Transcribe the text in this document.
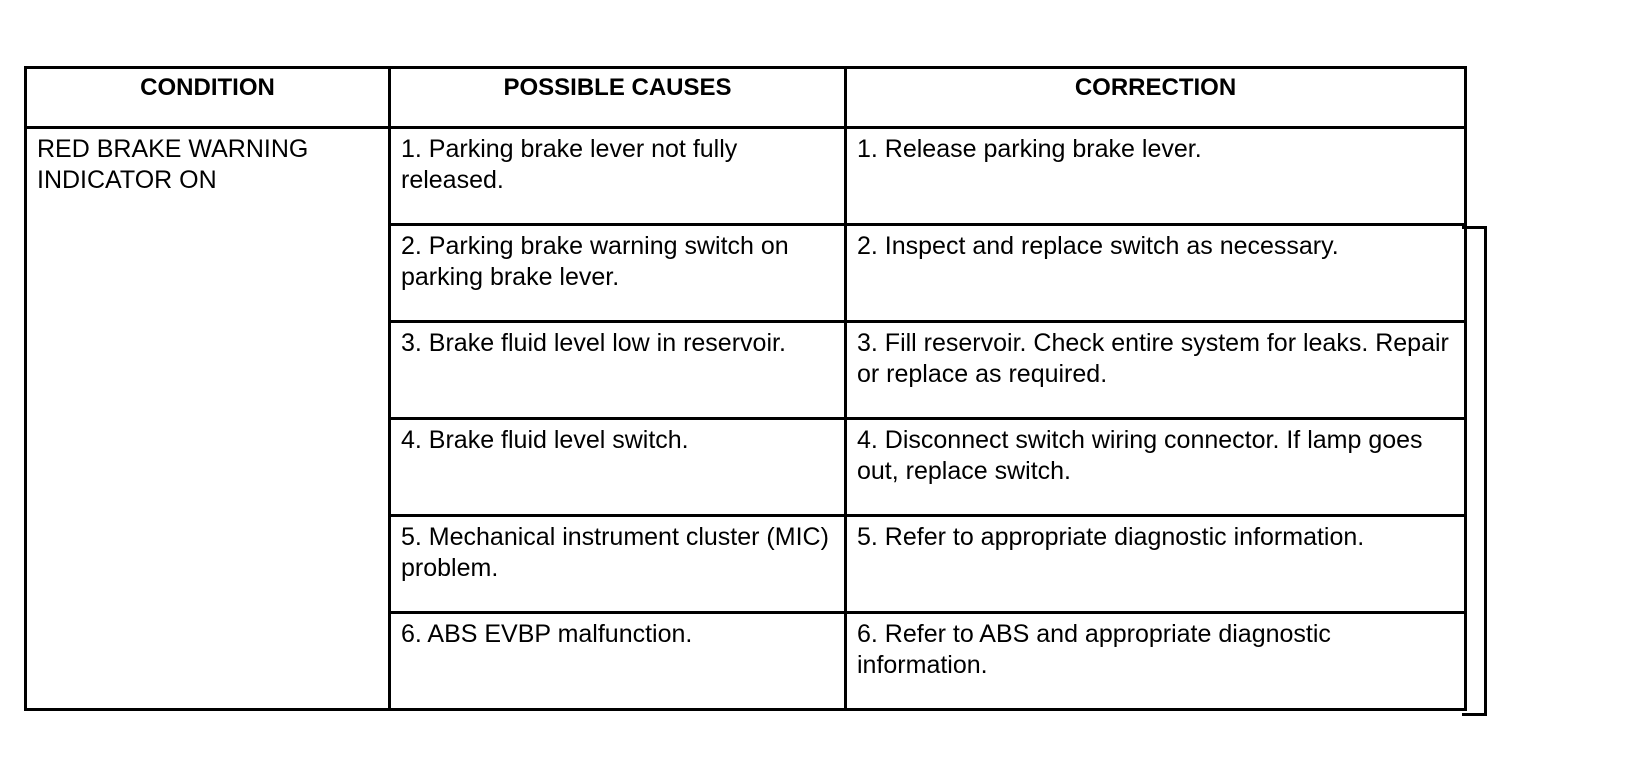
CONDITION	POSSIBLE CAUSES	CORRECTION

RED BRAKE WARNING INDICATOR ON	1. Parking brake lever not fully released.	1. Release parking brake lever.
	2. Parking brake warning switch on parking brake lever.	2. Inspect and replace switch as necessary.
	3. Brake fluid level low in reservoir.	3. Fill reservoir. Check entire system for leaks. Repair or replace as required.
	4. Brake fluid level switch.	4. Disconnect switch wiring connector. If lamp goes out, replace switch.
	5. Mechanical instrument cluster (MIC) problem.	5. Refer to appropriate diagnostic information.
	6. ABS EVBP malfunction.	6. Refer to ABS and appropriate diagnostic information.
